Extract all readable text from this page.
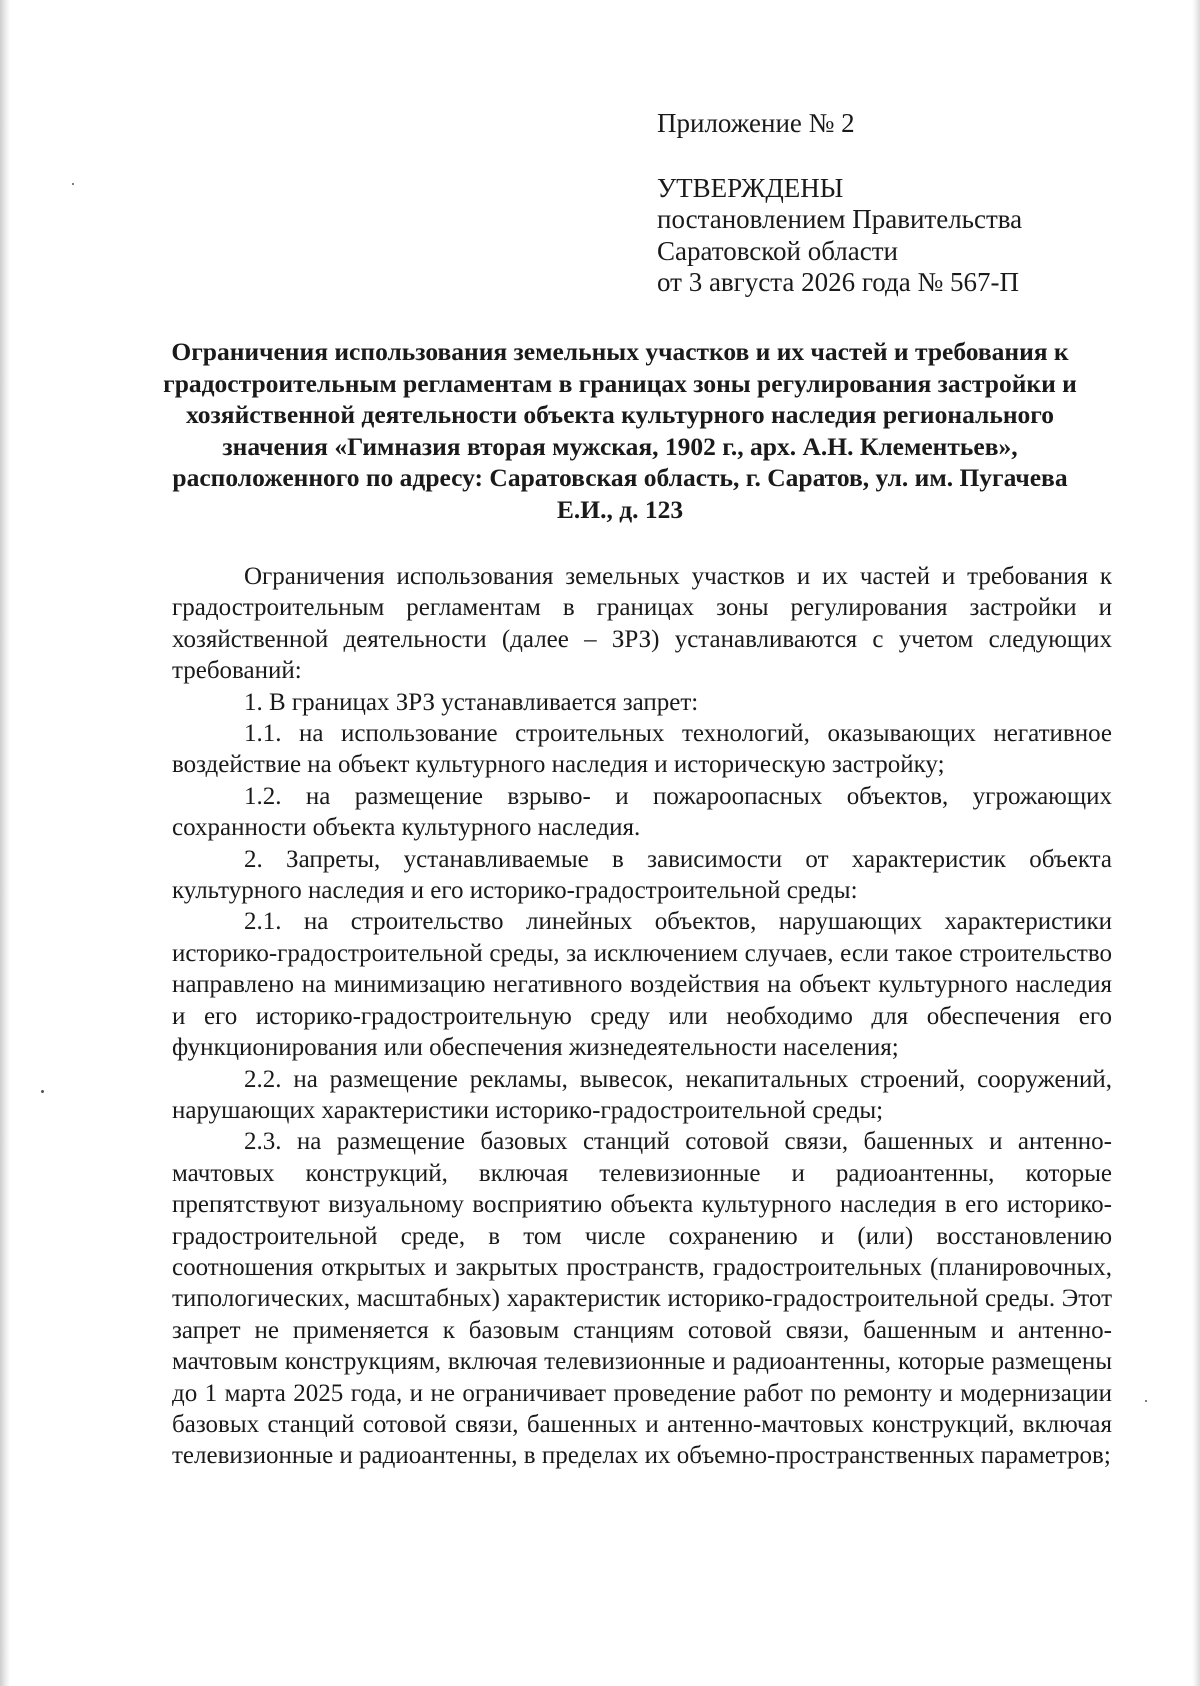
Приложение № 2
УТВЕРЖДЕНЫ
постановлением Правительства
Саратовской области
от 3 августа 2026 года № 567-П
Ограничения использования земельных участков и их частей и требования к градостроительным регламентам в границах зоны регулирования застройки и хозяйственной деятельности объекта культурного наследия регионального значения «Гимназия вторая мужская, 1902 г., арх. А.Н. Клементьев», расположенного по адресу: Саратовская область, г. Саратов, ул. им. Пугачева Е.И., д. 123

Ограничения использования земельных участков и их частей и требования к градостроительным регламентам в границах зоны регулирования застройки и хозяйственной деятельности (далее – ЗРЗ) устанавливаются с учетом следующих требований:

1. В границах ЗРЗ устанавливается запрет:

1.1. на использование строительных технологий, оказывающих негативное воздействие на объект культурного наследия и историческую застройку;

1.2. на размещение взрыво- и пожароопасных объектов, угрожающих сохранности объекта культурного наследия.

2. Запреты, устанавливаемые в зависимости от характеристик объекта культурного наследия и его историко-градостроительной среды:

2.1. на строительство линейных объектов, нарушающих характеристики историко-градостроительной среды, за исключением случаев, если такое строительство направлено на минимизацию негативного воздействия на объект культурного наследия и его историко-градостроительную среду или необходимо для обеспечения его функционирования или обеспечения жизнедеятельности населения;

2.2. на размещение рекламы, вывесок, некапитальных строений, сооружений, нарушающих характеристики историко-градостроительной среды;

2.3. на размещение базовых станций сотовой связи, башенных и антенно-мачтовых конструкций, включая телевизионные и радиоантенны, которые препятствуют визуальному восприятию объекта культурного наследия в его историко-градостроительной среде, в том числе сохранению и (или) восстановлению соотношения открытых и закрытых пространств, градостроительных (планировочных, типологических, масштабных) характеристик историко-градостроительной среды. Этот запрет не применяется к базовым станциям сотовой связи, башенным и антенно-мачтовым конструкциям, включая телевизионные и радиоантенны, которые размещены до 1 марта 2025 года, и не ограничивает проведение работ по ремонту и модернизации базовых станций сотовой связи, башенных и антенно-мачтовых конструкций, включая телевизионные и радиоантенны, в пределах их объемно-пространственных параметров;
